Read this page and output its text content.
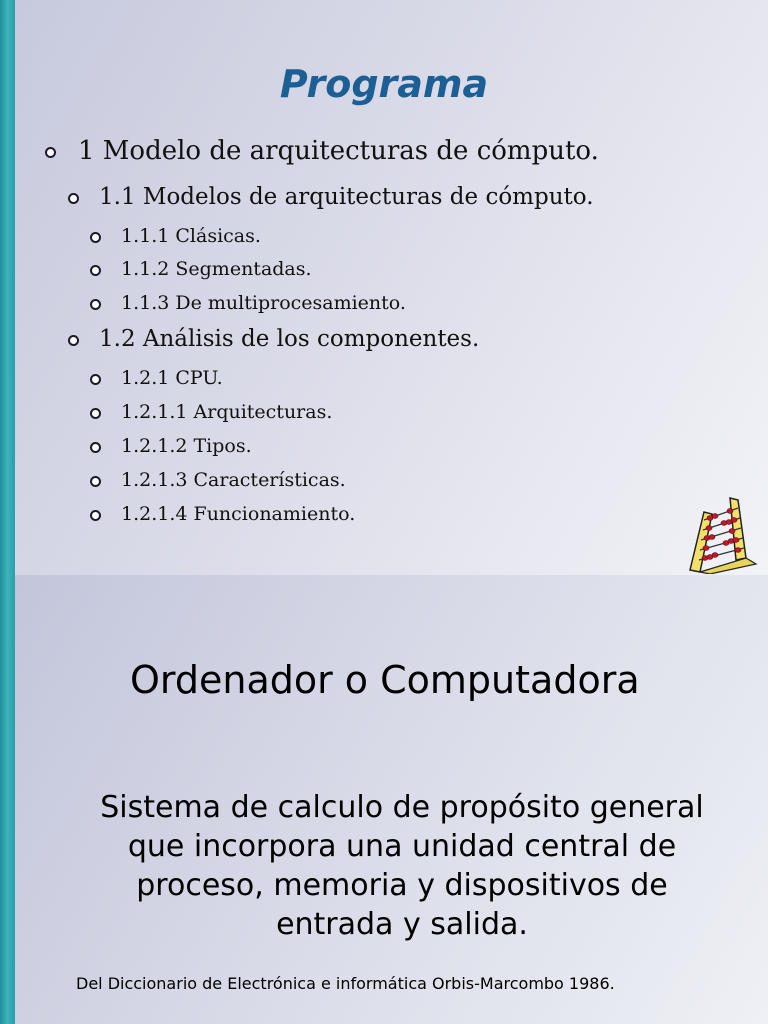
Programa
1 Modelo de arquitecturas de cómputo.
1.1 Modelos de arquitecturas de cómputo.
1.1.1 Clásicas.
1.1.2 Segmentadas.
1.1.3 De multiprocesamiento.
1.2 Análisis de los componentes.
1.2.1 CPU.
1.2.1.1 Arquitecturas.
1.2.1.2 Tipos.
1.2.1.3 Características.
1.2.1.4 Funcionamiento.
Ordenador o Computadora

Sistema de calculo de propósito general
que incorpora una unidad central de
proceso, memoria y dispositivos de
entrada y salida.

Del Diccionario de Electrónica e informática Orbis-Marcombo 1986.
